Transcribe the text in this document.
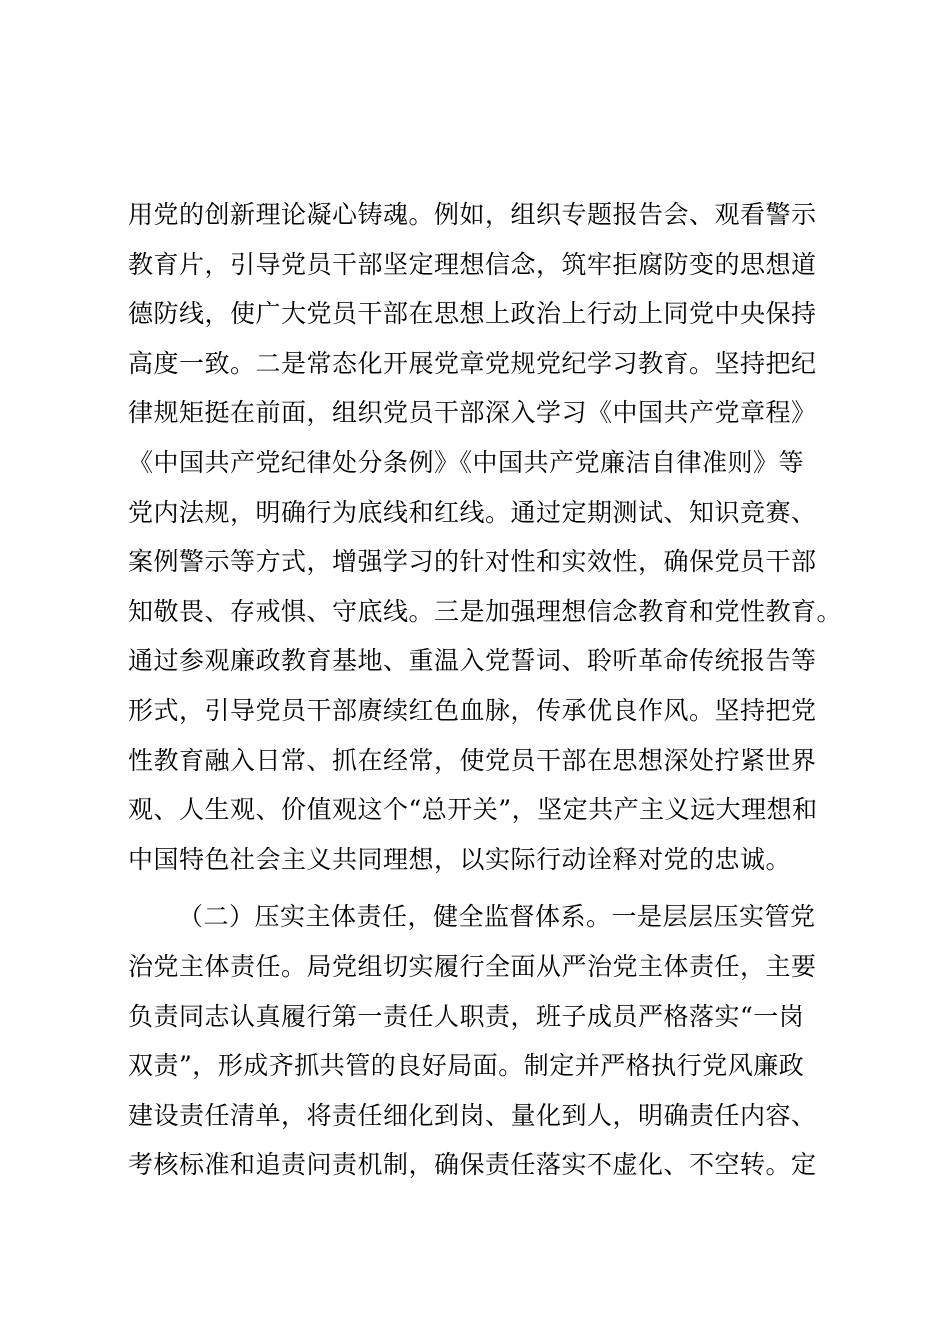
用党的创新理论凝心铸魂。例如，组织专题报告会、观看警示
教育片，引导党员干部坚定理想信念，筑牢拒腐防变的思想道
德防线，使广大党员干部在思想上政治上行动上同党中央保持
高度一致。二是常态化开展党章党规党纪学习教育。坚持把纪
律规矩挺在前面，组织党员干部深入学习《中国共产党章程》
《中国共产党纪律处分条例》《中国共产党廉洁自律准则》等
党内法规，明确行为底线和红线。通过定期测试、知识竞赛、
案例警示等方式，增强学习的针对性和实效性，确保党员干部
知敬畏、存戒惧、守底线。三是加强理想信念教育和党性教育。
通过参观廉政教育基地、重温入党誓词、聆听革命传统报告等
形式，引导党员干部赓续红色血脉，传承优良作风。坚持把党
性教育融入日常、抓在经常，使党员干部在思想深处拧紧世界
观、人生观、价值观这个“总开关”，坚定共产主义远大理想和
中国特色社会主义共同理想，以实际行动诠释对党的忠诚。
（二）压实主体责任，健全监督体系。一是层层压实管党
治党主体责任。局党组切实履行全面从严治党主体责任，主要
负责同志认真履行第一责任人职责，班子成员严格落实“一岗
双责”，形成齐抓共管的良好局面。制定并严格执行党风廉政
建设责任清单，将责任细化到岗、量化到人，明确责任内容、
考核标准和追责问责机制，确保责任落实不虚化、不空转。定
